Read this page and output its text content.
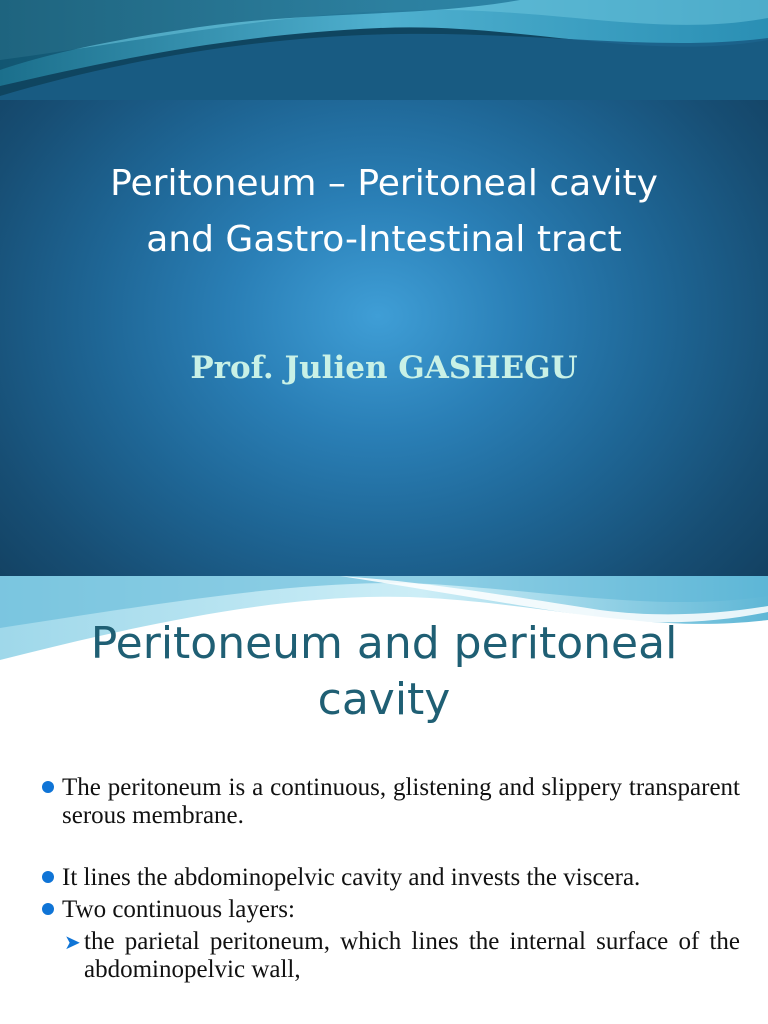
Peritoneum – Peritoneal cavity
and Gastro-Intestinal tract
Prof. Julien GASHEGU
Peritoneum and peritoneal
cavity
The peritoneum is a continuous, glistening and slippery transparent serous membrane.
It lines the abdominopelvic cavity and invests the viscera.
Two continuous layers:
➤ the parietal peritoneum, which lines the internal surface of the abdominopelvic wall,
